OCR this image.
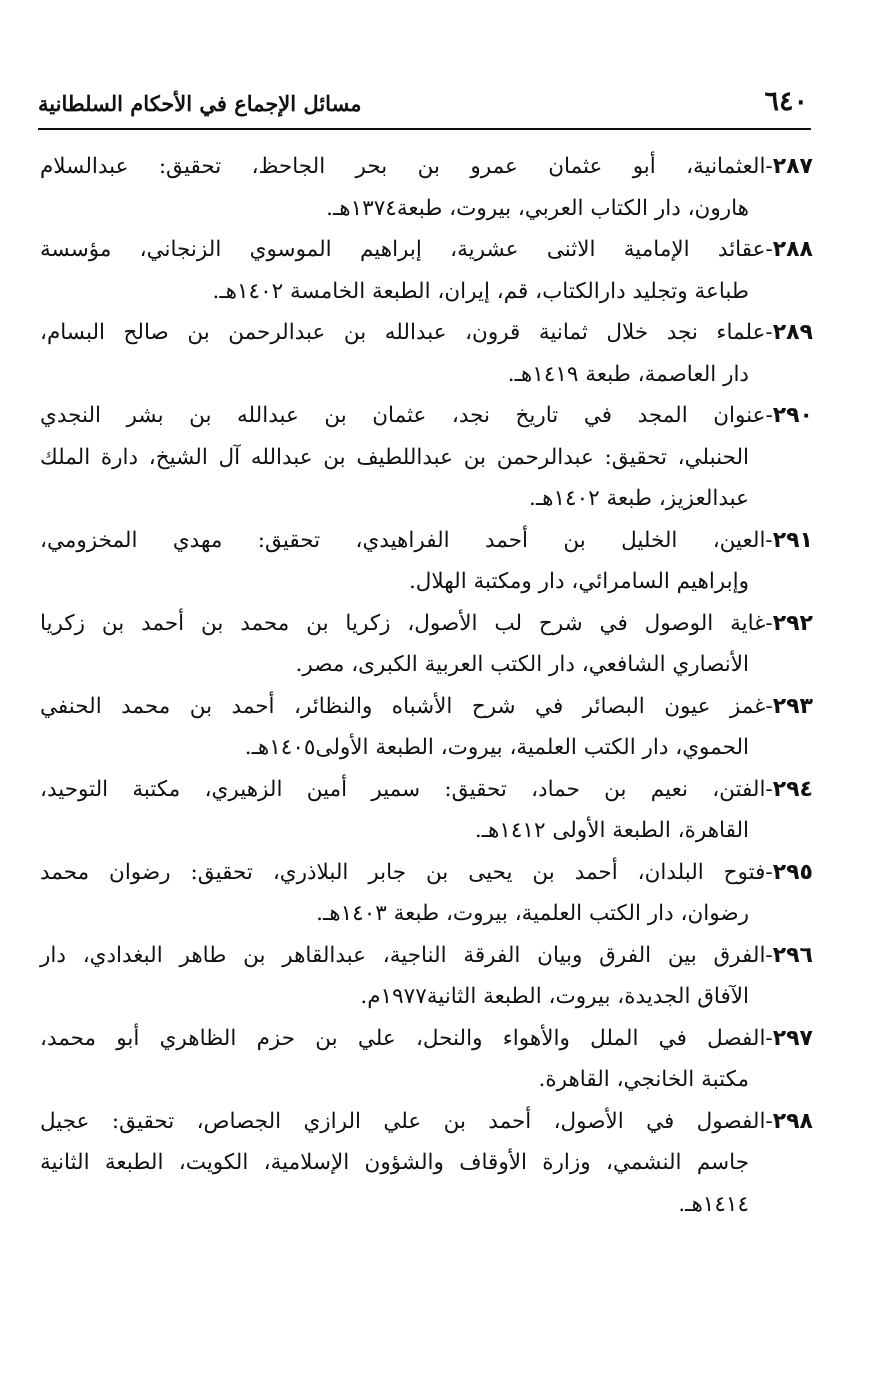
٦٤٠
مسائل الإجماع في الأحكام السلطانية
٢٨٧-العثمانية، أبو عثمان عمرو بن بحر الجاحظ، تحقيق: عبدالسلام
هارون، دار الكتاب العربي، بيروت، طبعة١٣٧٤هـ.
٢٨٨-عقائد الإمامية الاثنى عشرية، إبراهيم الموسوي الزنجاني، مؤسسة
طباعة وتجليد دارالكتاب، قم، إيران، الطبعة الخامسة ١٤٠٢هـ.
٢٨٩-علماء نجد خلال ثمانية قرون، عبدالله بن عبدالرحمن بن صالح البسام،
دار العاصمة، طبعة ١٤١٩هـ.
٢٩٠-عنوان المجد في تاريخ نجد، عثمان بن عبدالله بن بشر النجدي
الحنبلي، تحقيق: عبدالرحمن بن عبداللطيف بن عبدالله آل الشيخ، دارة الملك عبدالعزيز، طبعة ١٤٠٢هـ.
٢٩١-العين، الخليل بن أحمد الفراهيدي، تحقيق: مهدي المخزومي،
وإبراهيم السامرائي، دار ومكتبة الهلال.
٢٩٢-غاية الوصول في شرح لب الأصول، زكريا بن محمد بن أحمد بن زكريا
الأنصاري الشافعي، دار الكتب العربية الكبرى، مصر.
٢٩٣-غمز عيون البصائر في شرح الأشباه والنظائر، أحمد بن محمد الحنفي
الحموي، دار الكتب العلمية، بيروت، الطبعة الأولى١٤٠٥هـ.
٢٩٤-الفتن، نعيم بن حماد، تحقيق: سمير أمين الزهيري، مكتبة التوحيد،
القاهرة، الطبعة الأولى ١٤١٢هـ.
٢٩٥-فتوح البلدان، أحمد بن يحيى بن جابر البلاذري، تحقيق: رضوان محمد
رضوان، دار الكتب العلمية، بيروت، طبعة ١٤٠٣هـ.
٢٩٦-الفرق بين الفرق وبيان الفرقة الناجية، عبدالقاهر بن طاهر البغدادي، دار
الآفاق الجديدة، بيروت، الطبعة الثانية١٩٧٧م.
٢٩٧-الفصل في الملل والأهواء والنحل، علي بن حزم الظاهري أبو محمد،
مكتبة الخانجي، القاهرة.
٢٩٨-الفصول في الأصول، أحمد بن علي الرازي الجصاص، تحقيق: عجيل
جاسم النشمي، وزارة الأوقاف والشؤون الإسلامية، الكويت، الطبعة الثانية ١٤١٤هـ.
